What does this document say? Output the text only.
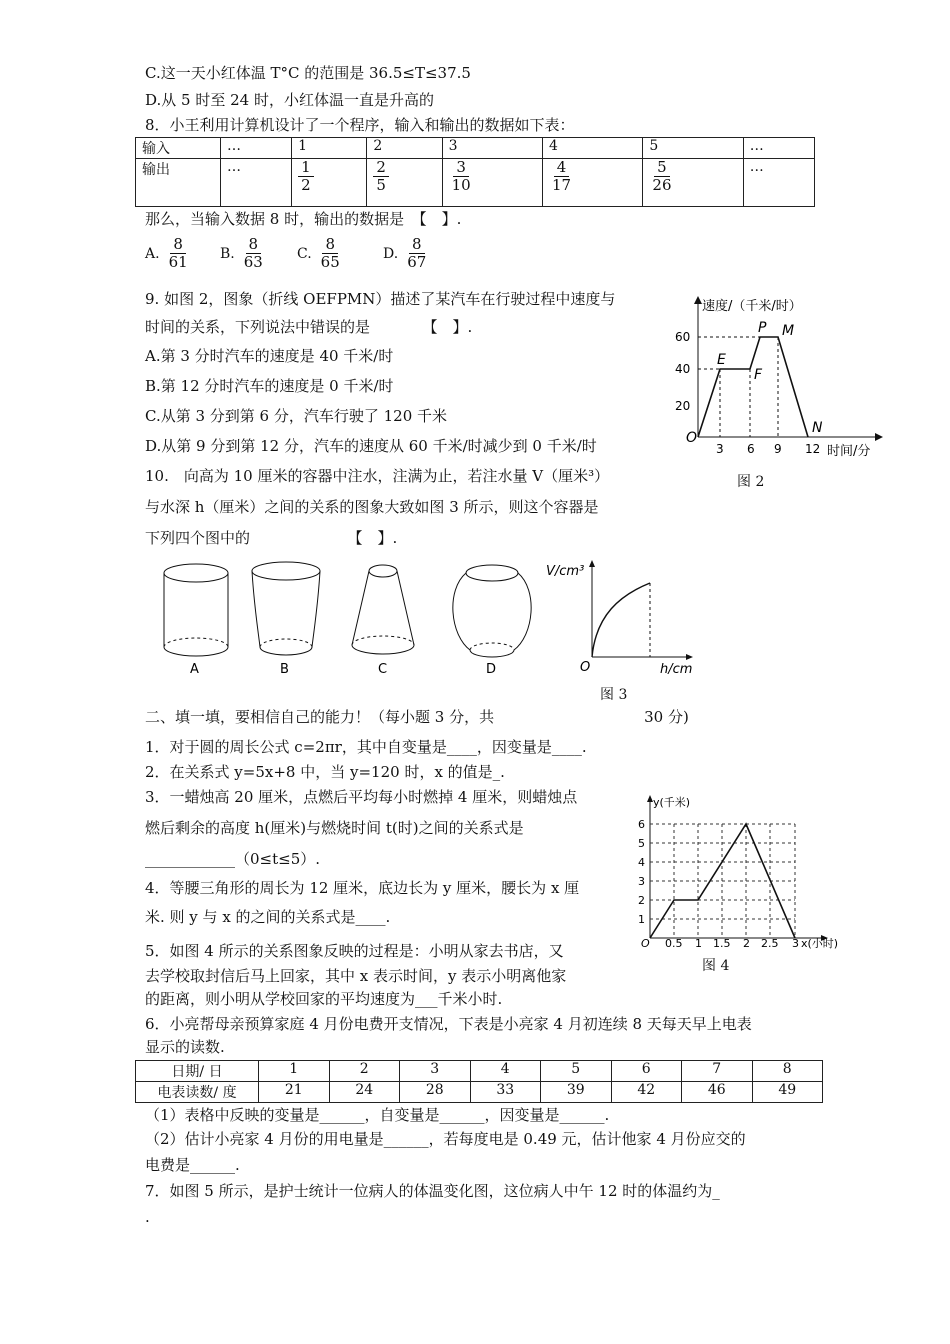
C.这一天小红体温 T°C 的范围是 36.5≤T≤37.5
D.从 5 时至 24 时，小红体温一直是升高的
8．小王利用计算机设计了一个程序，输入和输出的数据如下表：
输入	…	1	2	3	4	5	…
输出	…	$\frac{1}{2}$	$\frac{2}{5}$	$\frac{3}{10}$	$\frac{4}{17}$	$\frac{5}{26}$	…
那么，当输入数据 8 时，输出的数据是　【　】.
A. $\frac{8}{61} B$. $\frac{8}{63} C$. $\frac{8}{65}$	D. $\frac{8}{67}$
9. 如图 2，图象（折线 OEFPMN）描述了某汽车在行驶过程中速度与
时间的关系，下列说法中错误的是　　　　【　】.
A.第 3 分时汽车的速度是 40 千米/时
B.第 12 分时汽车的速度是 0 千米/时
C.从第 3 分到第 6 分，汽车行驶了 120 千米
D.从第 9 分到第 12 分，汽车的速度从 60 千米/时减少到 0 千米/时
10.　向高为 10 厘米的容器中注水，注满为止，若注水量 V（厘米³）
与水深 h（厘米）之间的关系的图象大致如图 3 所示，则这个容器是
下列四个图中的　　　　　　　【　】.
速度/（千米/时）
时间/分
60
40
20
3 6 9 12
O
E
F
P M
N
图 2
A	B	C	D
V/cm³
h/cm
O
图 3
二、填一填，要相信自己的能力！（每小题 3 分，共　　　　　　　　　　30 分)
1．对于圆的周长公式 c=2πr，其中自变量是____，因变量是____.
2．在关系式 y=5x+8 中，当 y=120 时，x 的值是_.
3．一蜡烛高 20 厘米，点燃后平均每小时燃掉 4 厘米，则蜡烛点
燃后剩余的高度 h(厘米)与燃烧时间 t(时)之间的关系式是
____________（0≤t≤5）.
4．等腰三角形的周长为 12 厘米，底边长为 y 厘米，腰长为 x 厘
米. 则 y 与 x 的之间的关系式是____.
5．如图 4 所示的关系图象反映的过程是：小明从家去书店，又
去学校取封信后马上回家，其中 x 表示时间，y 表示小明离他家
的距离，则小明从学校回家的平均速度为___千米小时.
y(千米)
6
5
4
3
2
1
O 0.5 1 1.5 2 2.5 3 x(小时)
图 4
6．小亮帮母亲预算家庭 4 月份电费开支情况，下表是小亮家 4 月初连续 8 天每天早上电表
显示的读数.
日期/ 日	1	2	3	4	5	6	7	8
电表读数/ 度	21	24	28	33	39	42	46	49
（1）表格中反映的变量是______，自变量是______，因变量是______.
（2）估计小亮家 4 月份的用电量是______，若每度电是 0.49 元，估计他家 4 月份应交的
电费是______.
7．如图 5 所示，是护士统计一位病人的体温变化图，这位病人中午 12 时的体温约为_
.
